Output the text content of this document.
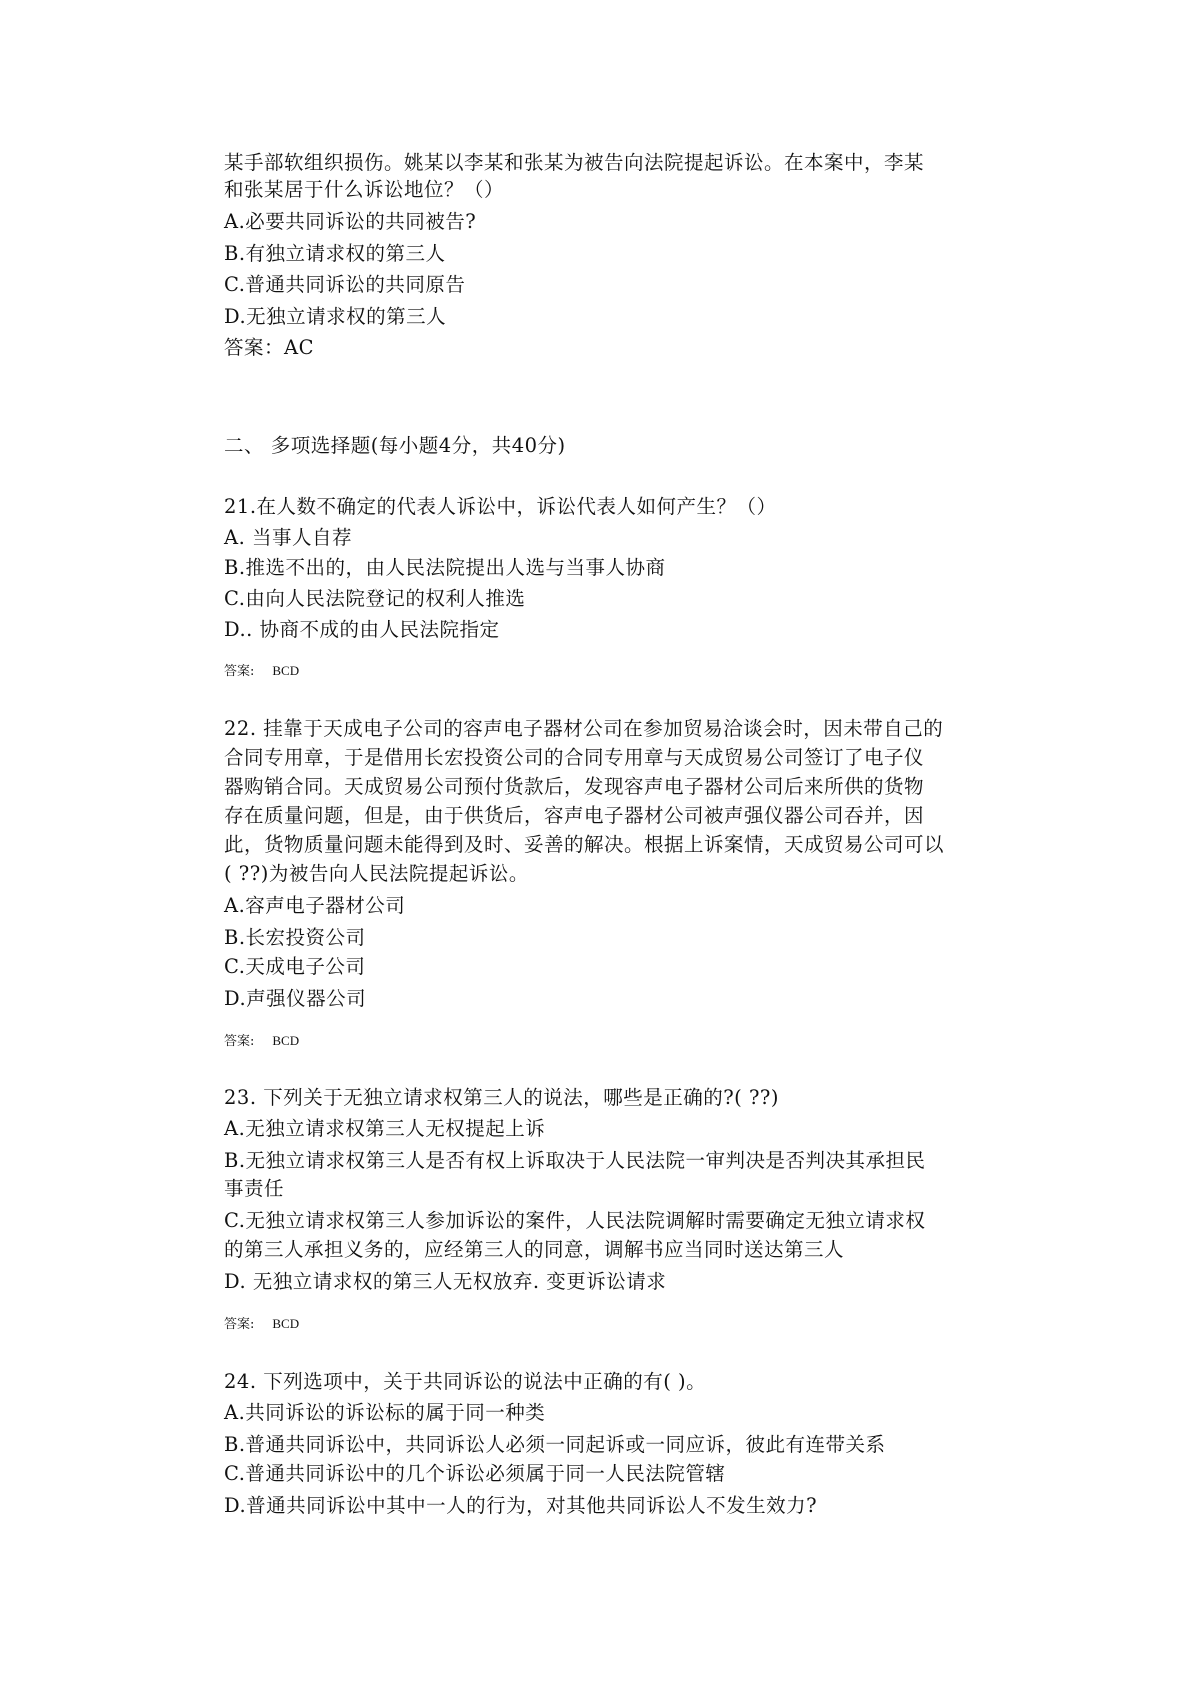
某手部软组织损伤。姚某以李某和张某为被告向法院提起诉讼。在本案中，李某

和张某居于什么诉讼地位？（）

A.必要共同诉讼的共同被告?

B.有独立请求权的第三人

C.普通共同诉讼的共同原告

D.无独立请求权的第三人

答案：AC

二、 多项选择题(每小题4分，共40分)

21.在人数不确定的代表人诉讼中，诉讼代表人如何产生？（）

A. 当事人自荐

B.推选不出的，由人民法院提出人选与当事人协商

C.由向人民法院登记的权利人推选

D.. 协商不成的由人民法院指定

答案: BCD

22. 挂靠于天成电子公司的容声电子器材公司在参加贸易洽谈会时，因未带自己的

合同专用章，于是借用长宏投资公司的合同专用章与天成贸易公司签订了电子仪

器购销合同。天成贸易公司预付货款后，发现容声电子器材公司后来所供的货物

存在质量问题，但是，由于供货后，容声电子器材公司被声强仪器公司吞并，因

此，货物质量问题未能得到及时、妥善的解决。根据上诉案情，天成贸易公司可以

( ??)为被告向人民法院提起诉讼。

A.容声电子器材公司

B.长宏投资公司

C.天成电子公司

D.声强仪器公司

答案: BCD

23. 下列关于无独立请求权第三人的说法，哪些是正确的?( ??)

A.无独立请求权第三人无权提起上诉

B.无独立请求权第三人是否有权上诉取决于人民法院一审判决是否判决其承担民

事责任

C.无独立请求权第三人参加诉讼的案件，人民法院调解时需要确定无独立请求权

的第三人承担义务的，应经第三人的同意，调解书应当同时送达第三人

D. 无独立请求权的第三人无权放弃. 变更诉讼请求

答案: BCD

24. 下列选项中，关于共同诉讼的说法中正确的有( )。

A.共同诉讼的诉讼标的属于同一种类

B.普通共同诉讼中，共同诉讼人必须一同起诉或一同应诉，彼此有连带关系

C.普通共同诉讼中的几个诉讼必须属于同一人民法院管辖

D.普通共同诉讼中其中一人的行为，对其他共同诉讼人不发生效力?
